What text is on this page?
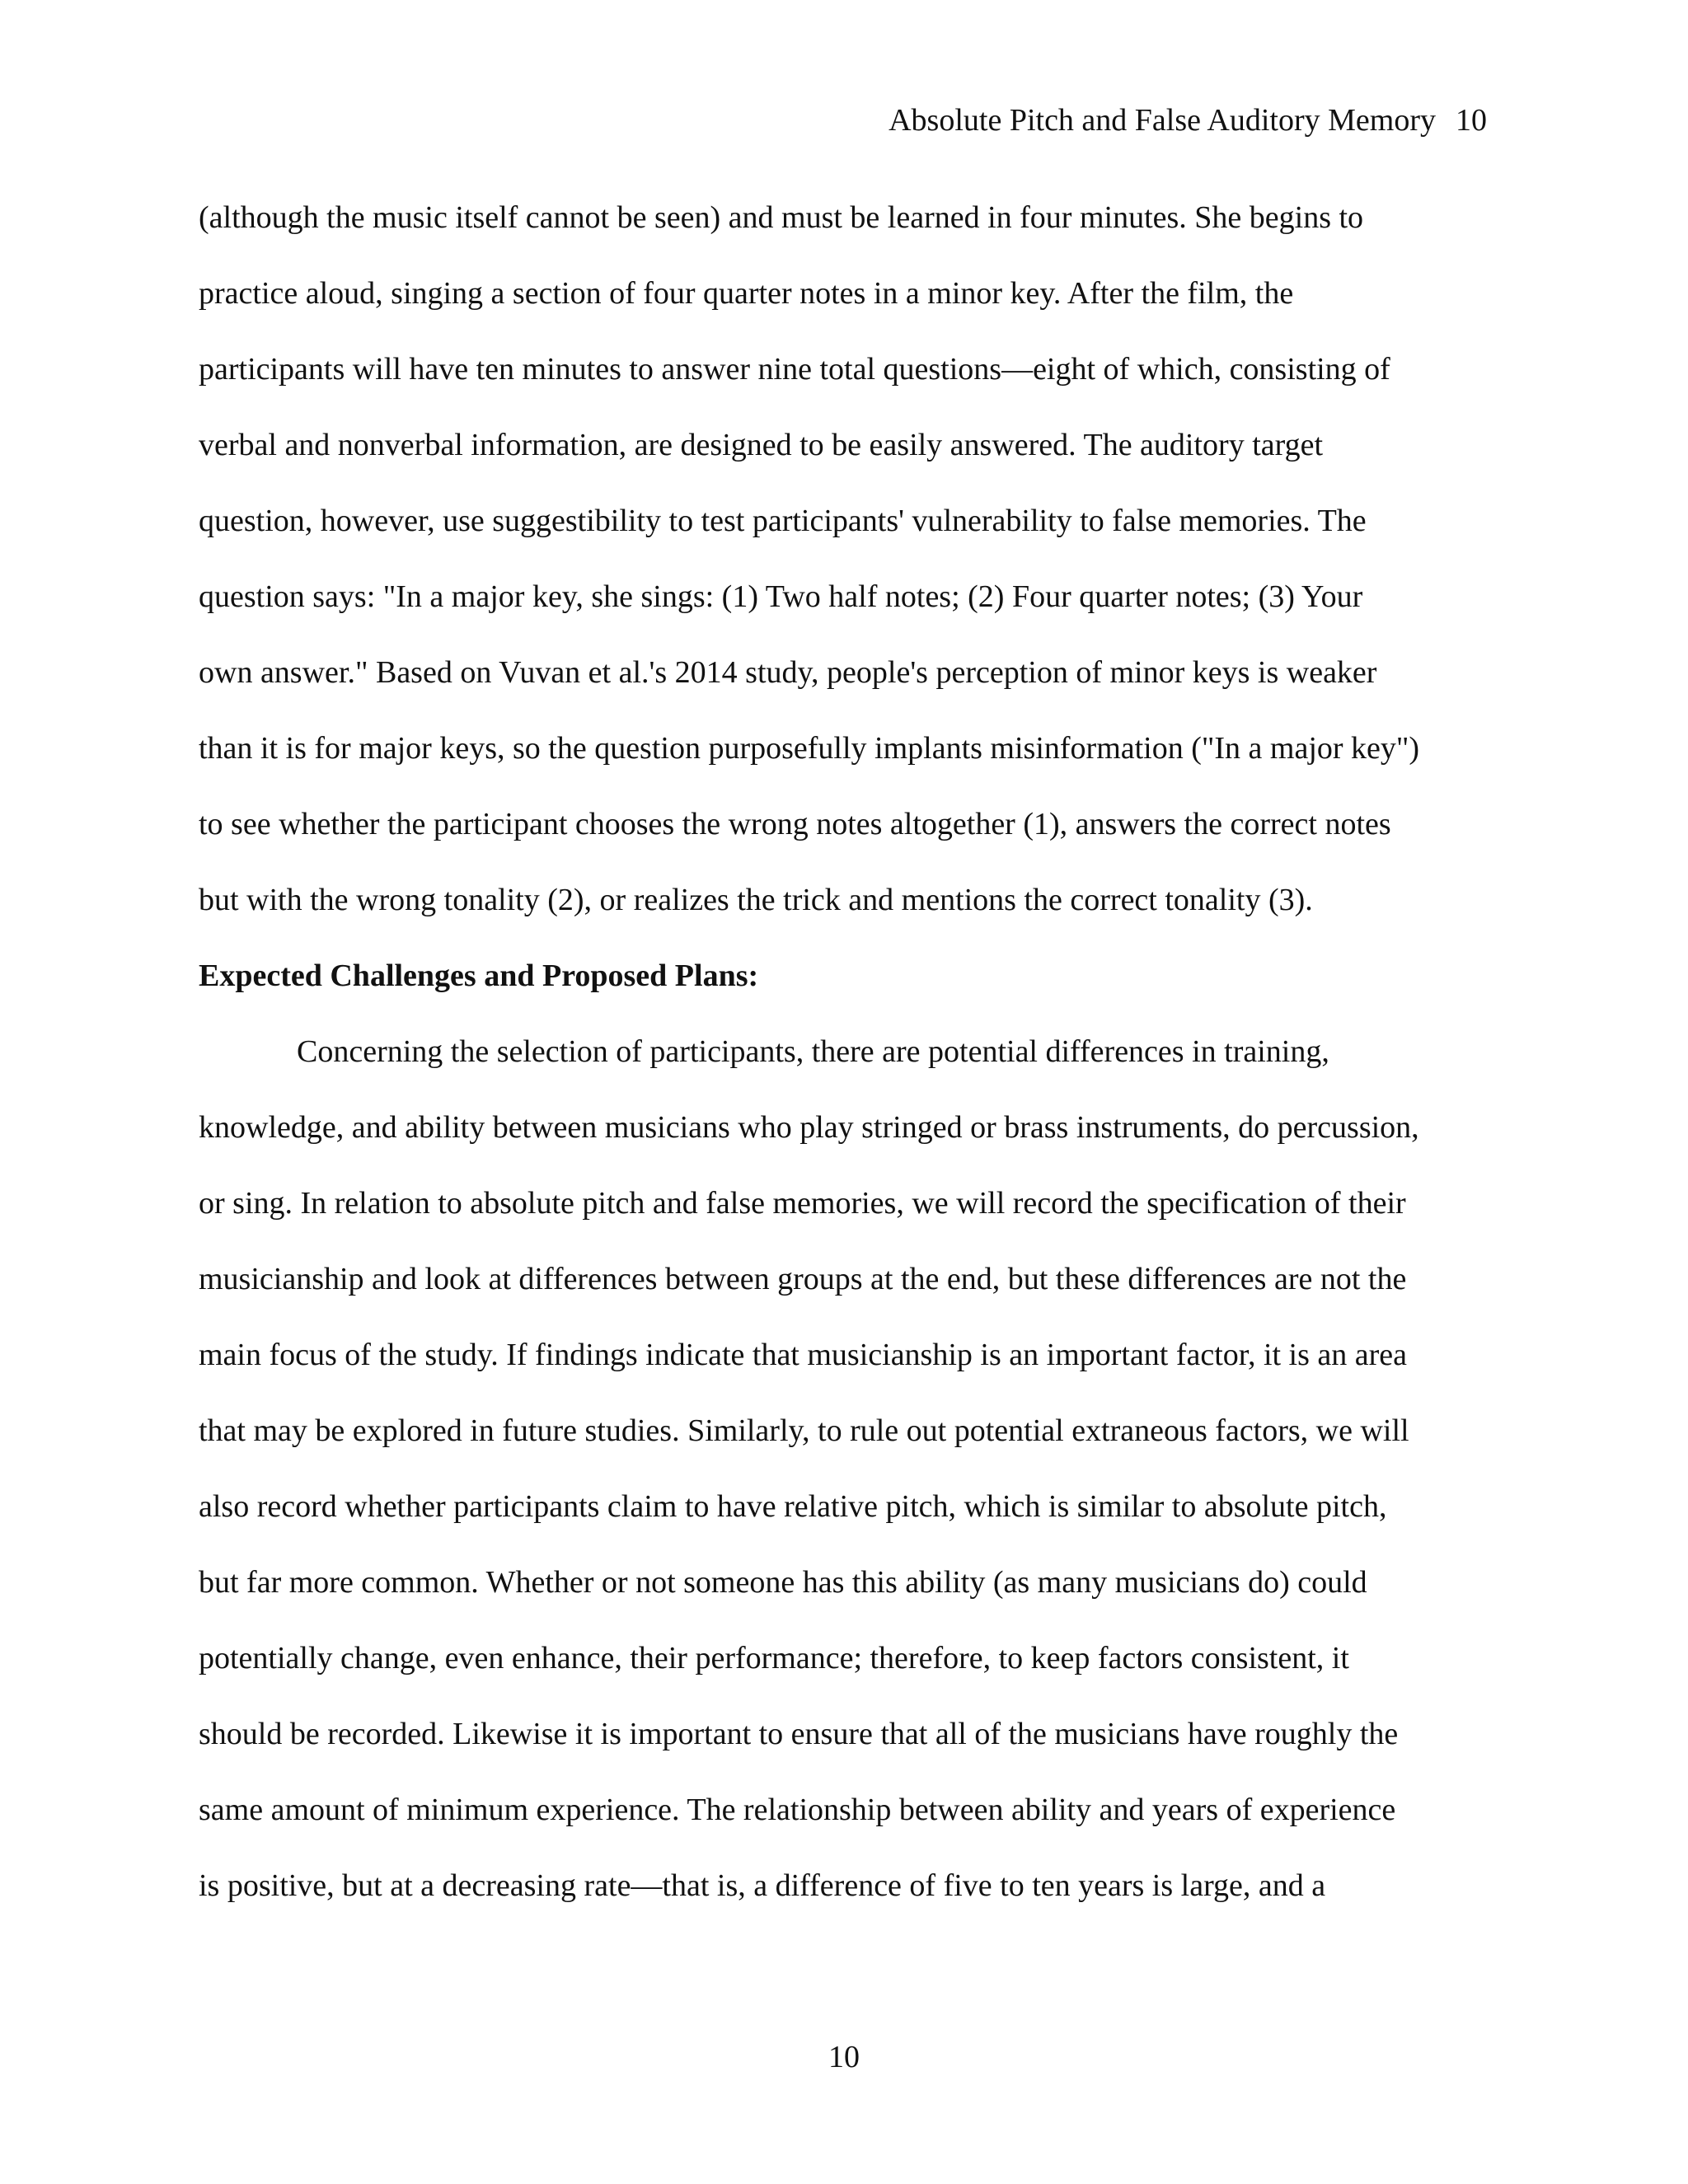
Absolute Pitch and False Auditory Memory 10
(although the music itself cannot be seen) and must be learned in four minutes. She begins to
practice aloud, singing a section of four quarter notes in a minor key. After the film, the
participants will have ten minutes to answer nine total questions—eight of which, consisting of
verbal and nonverbal information, are designed to be easily answered. The auditory target
question, however, use suggestibility to test participants' vulnerability to false memories. The
question says: "In a major key, she sings: (1) Two half notes; (2) Four quarter notes; (3) Your
own answer." Based on Vuvan et al.'s 2014 study, people's perception of minor keys is weaker
than it is for major keys, so the question purposefully implants misinformation ("In a major key")
to see whether the participant chooses the wrong notes altogether (1), answers the correct notes
but with the wrong tonality (2), or realizes the trick and mentions the correct tonality (3).
Expected Challenges and Proposed Plans:
Concerning the selection of participants, there are potential differences in training,
knowledge, and ability between musicians who play stringed or brass instruments, do percussion,
or sing. In relation to absolute pitch and false memories, we will record the specification of their
musicianship and look at differences between groups at the end, but these differences are not the
main focus of the study. If findings indicate that musicianship is an important factor, it is an area
that may be explored in future studies. Similarly, to rule out potential extraneous factors, we will
also record whether participants claim to have relative pitch, which is similar to absolute pitch,
but far more common. Whether or not someone has this ability (as many musicians do) could
potentially change, even enhance, their performance; therefore, to keep factors consistent, it
should be recorded. Likewise it is important to ensure that all of the musicians have roughly the
same amount of minimum experience. The relationship between ability and years of experience
is positive, but at a decreasing rate—that is, a difference of five to ten years is large, and a
10
